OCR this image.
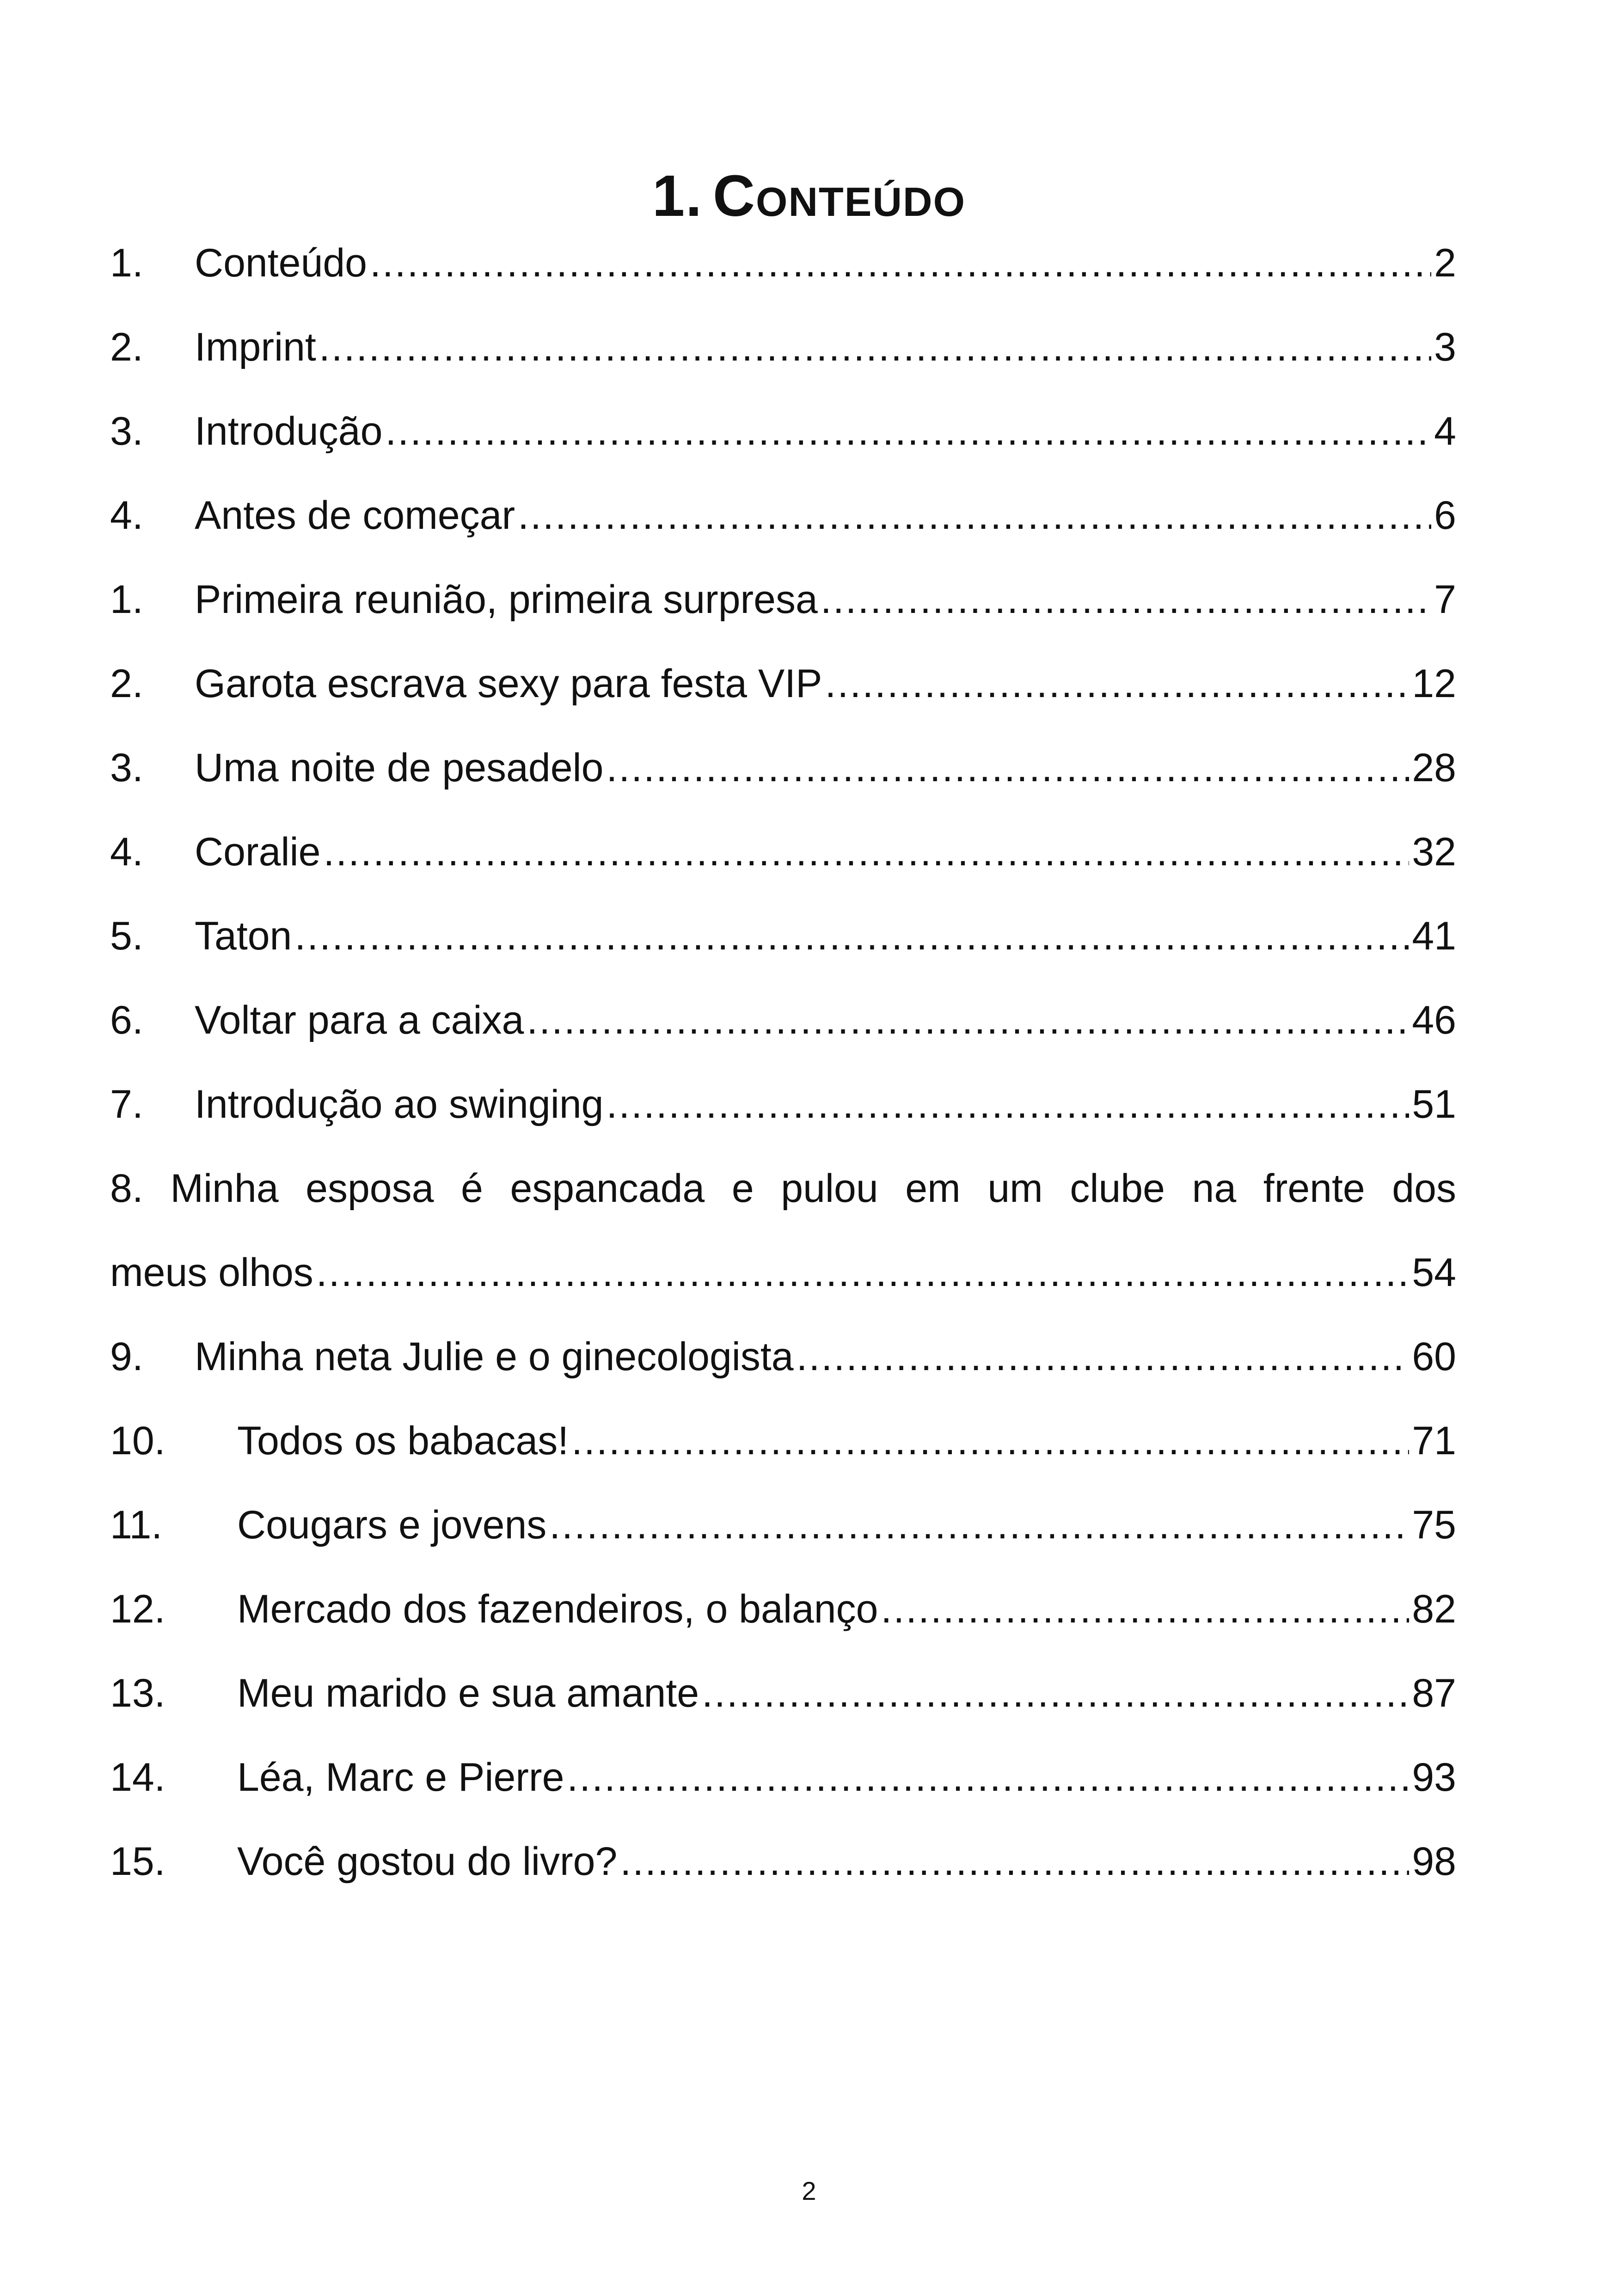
1. Conteúdo
1.	Conteúdo .....	2
2.	Imprint .....	3
3.	Introdução .....	4
4.	Antes de começar .....	6
1.	Primeira reunião, primeira surpresa .....	7
2.	Garota escrava sexy para festa VIP .....	12
3.	Uma noite de pesadelo .....	28
4.	Coralie .....	32
5.	Taton .....	41
6.	Voltar para a caixa .....	46
7.	Introdução ao swinging .....	51
8. Minha esposa é espancada e pulou em um clube na frente dos
meus olhos .....	54
9.	Minha neta Julie e o ginecologista .....	60
10.	Todos os babacas! .....	71
11.	Cougars e jovens .....	75
12.	Mercado dos fazendeiros, o balanço .....	82
13.	Meu marido e sua amante .....	87
14.	Léa, Marc e Pierre .....	93
15.	Você gostou do livro? .....	98
2
